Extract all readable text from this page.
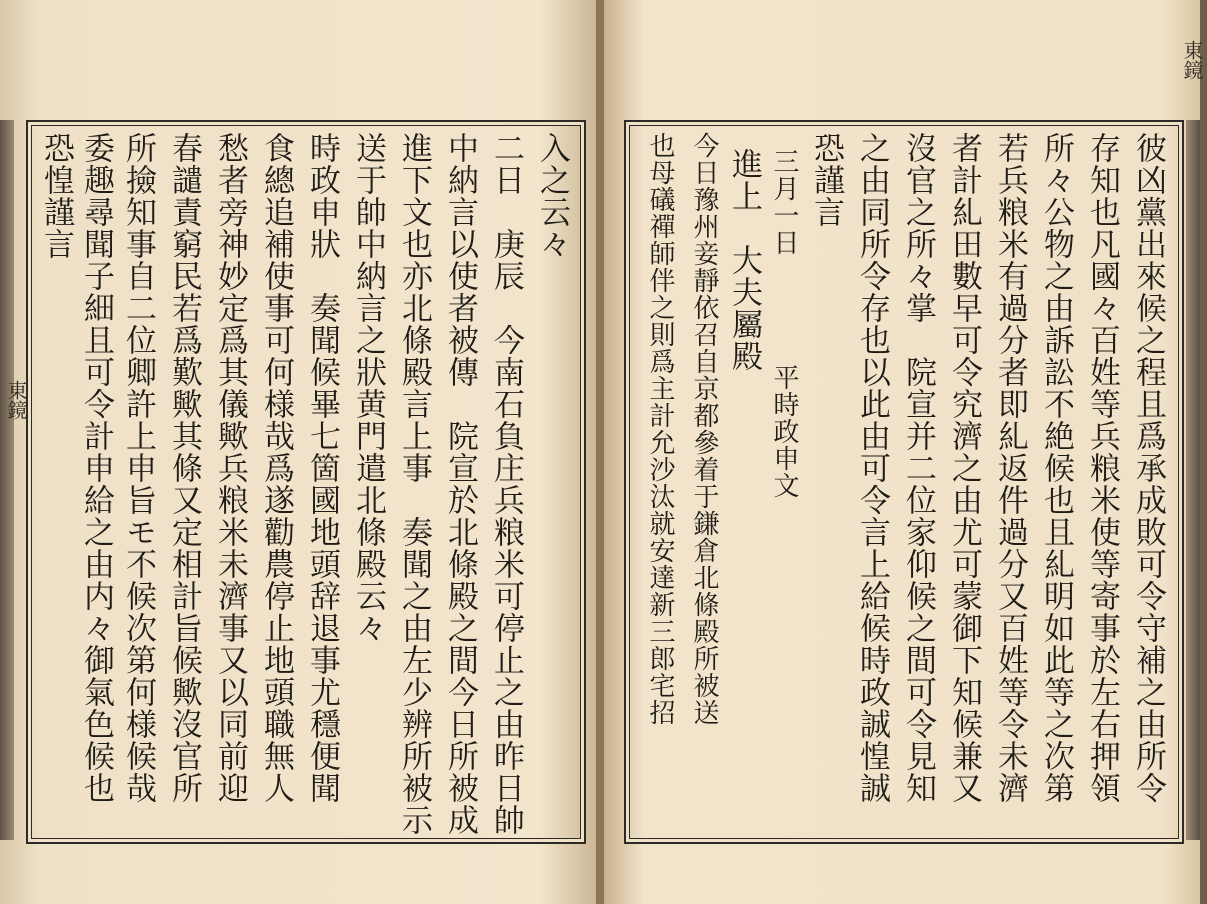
東鏡
東鏡
入之云々
二日　庚辰　今南石負庄兵粮米可停止之由昨日帥
中納言以使者被傳　院宣於北條殿之間今日所被成
進下文也亦北條殿言上事　奏聞之由左少辨所被示
送于帥中納言之狀黄門遣北條殿云々
時政申狀　奏聞候畢七箇國地頭辞退事尤穩便聞
食總追補使事可何様哉爲遂勸農停止地頭職無人
愁者旁神妙定爲其儀歟兵粮米未濟事又以同前迎
春譴責窮民若爲歎歟其條又定相計旨候歟沒官所
所撿知事自二位卿許上申旨モ不候次第何様候哉
委趣尋聞子細且可令計申給之由内々御氣色候也
恐惶謹言	彼凶黨出來候之程且爲承成敗可令守補之由所令
存知也凡國々百姓等兵粮米使等寄事於左右押領
所々公物之由訴訟不絶候也且糺明如此等之次第
若兵粮米有過分者即糺返件過分又百姓等令未濟
者計糺田數早可令究濟之由尤可蒙御下知候兼又
沒官之所々掌　院宣并二位家仰候之間可令見知
之由同所令存也以此由可令言上給候時政誠惶誠
恐謹言
三月一日　　　　平時政申文
進上　大夫屬殿
今日豫州妾靜依召自京都參着于鎌倉北條殿所被送
也母礒禪師伴之則爲主計允沙汰就安達新三郎宅招
